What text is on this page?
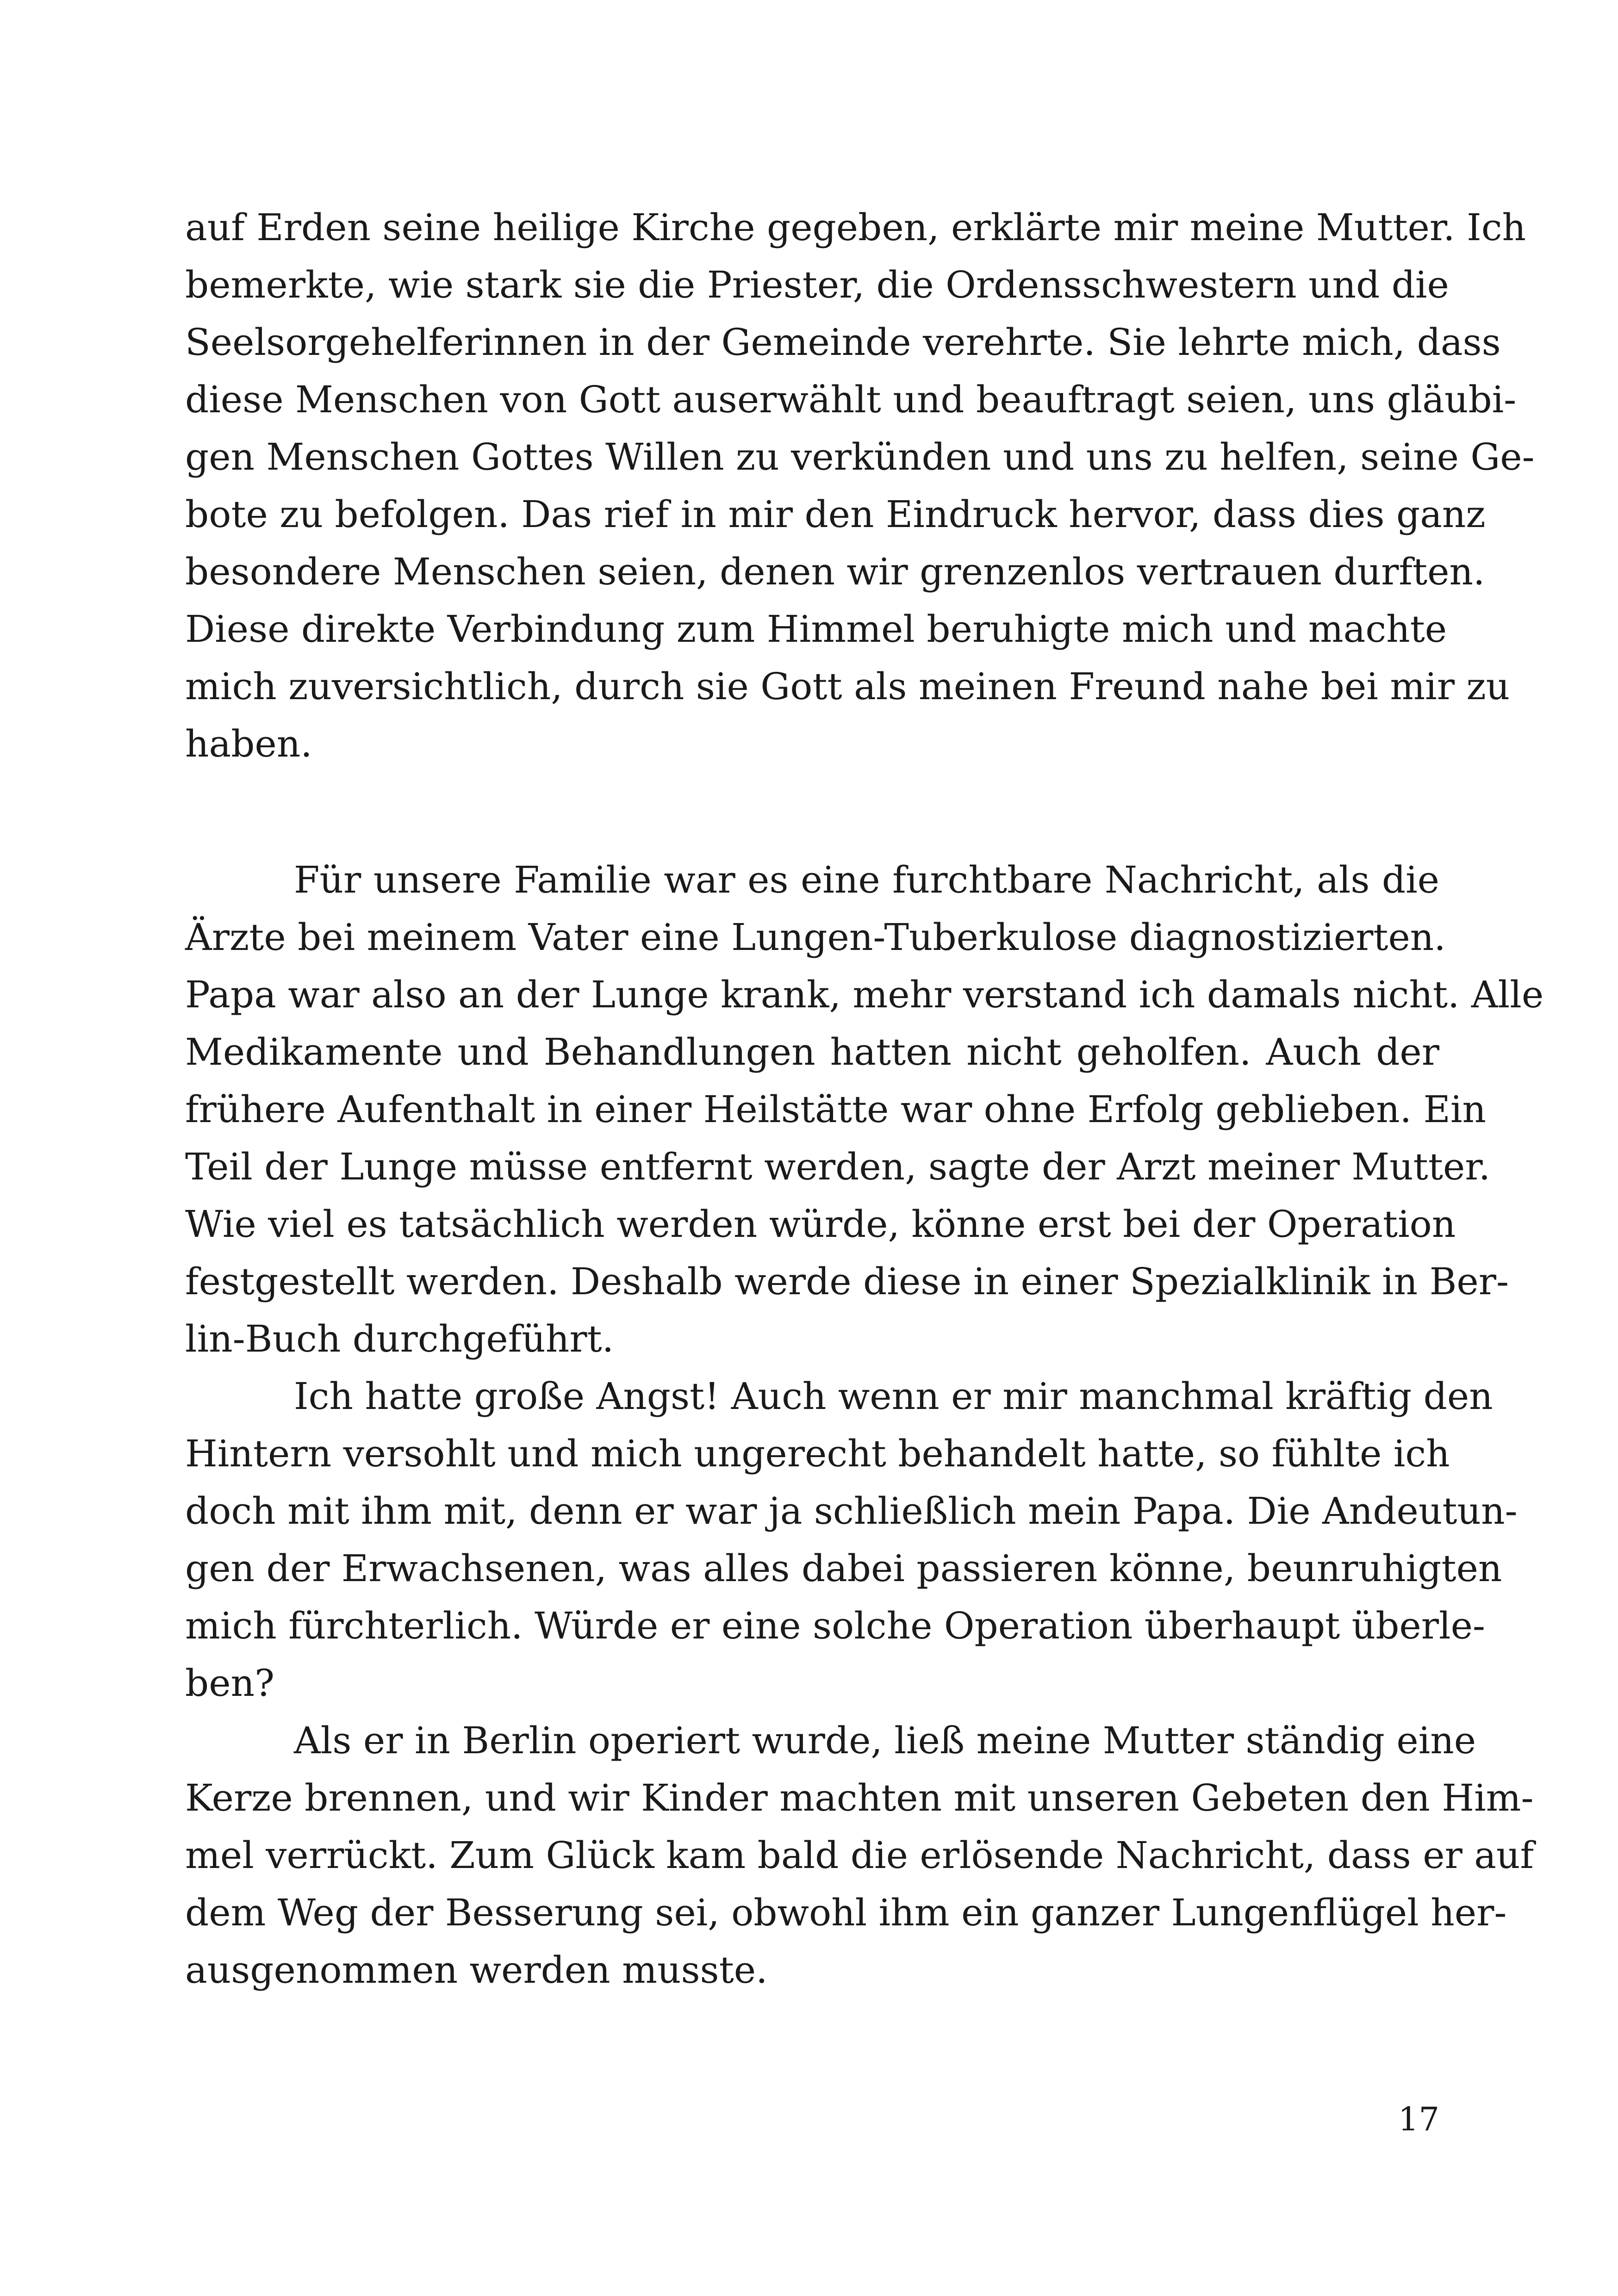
auf Erden seine heilige Kirche gegeben, erklärte mir meine Mutter. Ich
bemerkte, wie stark sie die Priester, die Ordensschwestern und die
Seelsorgehelferinnen in der Gemeinde verehrte. Sie lehrte mich, dass
diese Menschen von Gott auserwählt und beauftragt seien, uns gläubi-
gen Menschen Gottes Willen zu verkünden und uns zu helfen, seine Ge-
bote zu befolgen. Das rief in mir den Eindruck hervor, dass dies ganz
besondere Menschen seien, denen wir grenzenlos vertrauen durften.
Diese direkte Verbindung zum Himmel beruhigte mich und machte
mich zuversichtlich, durch sie Gott als meinen Freund nahe bei mir zu
haben.
Für unsere Familie war es eine furchtbare Nachricht, als die
Ärzte bei meinem Vater eine Lungen-Tuberkulose diagnostizierten.
Papa war also an der Lunge krank, mehr verstand ich damals nicht. Alle
Medikamente und Behandlungen hatten nicht geholfen. Auch der
frühere Aufenthalt in einer Heilstätte war ohne Erfolg geblieben. Ein
Teil der Lunge müsse entfernt werden, sagte der Arzt meiner Mutter.
Wie viel es tatsächlich werden würde, könne erst bei der Operation
festgestellt werden. Deshalb werde diese in einer Spezialklinik in Ber-
lin-Buch durchgeführt.
Ich hatte große Angst! Auch wenn er mir manchmal kräftig den
Hintern versohlt und mich ungerecht behandelt hatte, so fühlte ich
doch mit ihm mit, denn er war ja schließlich mein Papa. Die Andeutun-
gen der Erwachsenen, was alles dabei passieren könne, beunruhigten
mich fürchterlich. Würde er eine solche Operation überhaupt überle-
ben?
Als er in Berlin operiert wurde, ließ meine Mutter ständig eine
Kerze brennen, und wir Kinder machten mit unseren Gebeten den Him-
mel verrückt. Zum Glück kam bald die erlösende Nachricht, dass er auf
dem Weg der Besserung sei, obwohl ihm ein ganzer Lungenflügel her-
ausgenommen werden musste.
17
